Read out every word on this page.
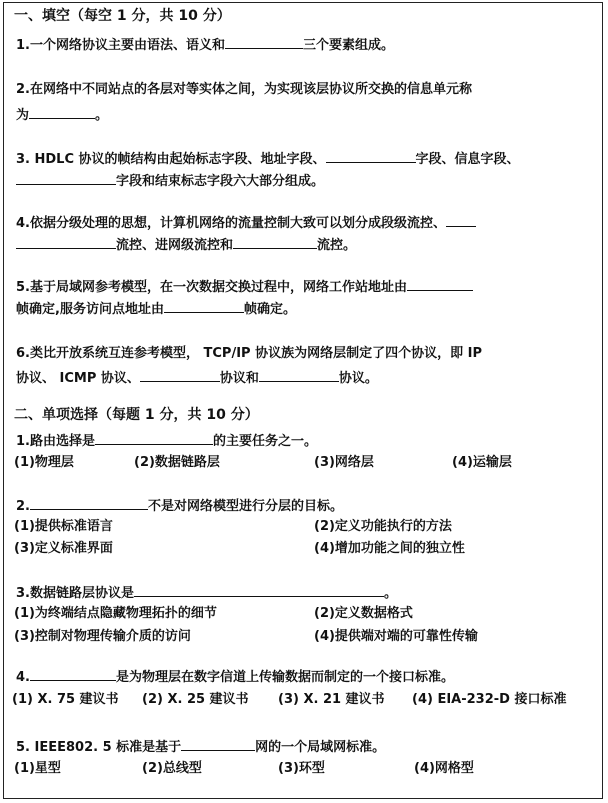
一、填空（每空 1 分，共 10 分）
1.一个网络协议主要由语法、语义和	三个要素组成。
2.在网络中不同站点的各层对等实体之间，为实现该层协议所交换的信息单元称
为	。
3. HDLC 协议的帧结构由起始标志字段、地址字段、	字段、信息字段、
字段和结束标志字段六大部分组成。
4.依据分级处理的思想，计算机网络的流量控制大致可以划分成段级流控、
流控、进网级流控和	流控。
5.基于局域网参考模型，在一次数据交换过程中，网络工作站地址由
帧确定,服务访问点地址由	帧确定。
6.类比开放系统互连参考模型， TCP/IP 协议族为网络层制定了四个协议，即 IP
协议、 ICMP 协议、	协议和	协议。
二、单项选择（每题 1 分，共 10 分）
1.路由选择是	的主要任务之一。
(1)物理层	(2)数据链路层	(3)网络层	(4)运输层
2.	不是对网络模型进行分层的目标。
(1)提供标准语言	(2)定义功能执行的方法
(3)定义标准界面	(4)增加功能之间的独立性
3.数据链路层协议是	。
(1)为终端结点隐藏物理拓扑的细节	(2)定义数据格式
(3)控制对物理传输介质的访问	(4)提供端对端的可靠性传输
4.	是为物理层在数字信道上传输数据而制定的一个接口标准。
(1) X. 75 建议书 (2) X. 25 建议书 (3) X. 21 建议书 (4) EIA-232-D 接口标准
5. IEEE802. 5 标准是基于	网的一个局域网标准。
(1)星型	(2)总线型	(3)环型	(4)网格型
